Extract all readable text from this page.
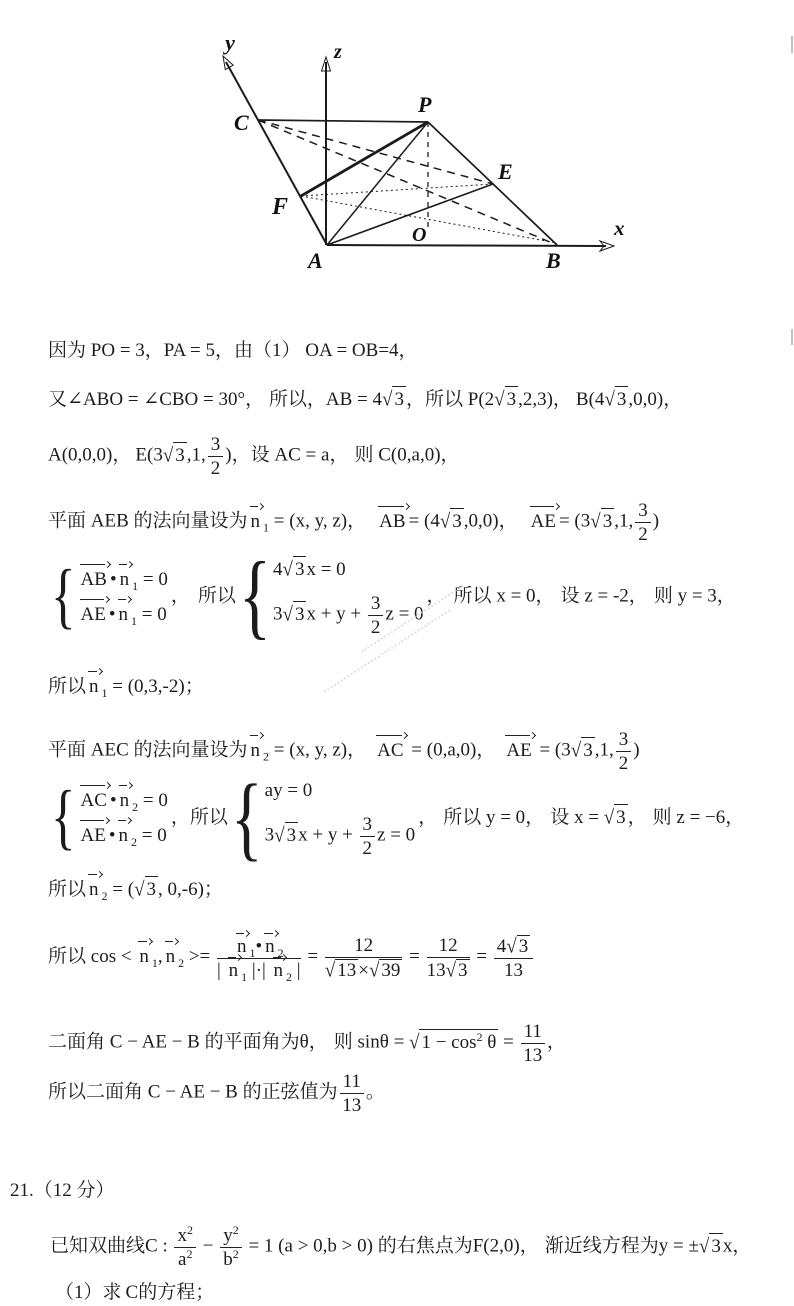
y	z
C
P
E
F
O	x
A	B
因为 PO = 3，PA = 5，由（1） OA = OB=4，
又∠ABO = ∠CBO = 30°， 所以，AB = 4√ 3 ，所以 P(2√ 3 ,2,3)， B(4√ 3 ,0,0)，
A(0,0,0)， E(3√ 3 ,1, $\frac{3}{2}$ )，设 AC = a， 则 C(0,a,0)，
平面 AEB 的法向量设为 n $_1$ = (x, y, z)， AB = (4√ 3 ,0,0)， AE = (3√ 3 ,1, $\frac{3}{2}$ )
{ AB • n $_1$ = 0
AE • n $_1$ = 0
， 所以 { 4√ 3 x = 0
3√ 3 $x + y + \frac{3}{2}$ z = 0
， 所以 x = 0， 设 z = -2， 则 y = 3，
所以 n $_1$ = (0,3,-2)；
平面 AEC 的法向量设为 n $_2$ = (x, y, z)， AC = (0,a,0)， AE = (3√ 3 ,1, $\frac{3}{2}$ )
{ AC • n $_2$ = 0
AE • n $_2$ = 0
，所以 { ay = 0
3√ 3 $x + y + \frac{3}{2}$ z = 0
， 所以 y = 0， 设 x = √ 3 ， 则 z = −6，
所以 n $_2$ = (√ 3 , 0,-6)；
所以 cos < n $_1$, n $_2 >= \frac{n _1• n _2}{| n _1 |\cdot| n _2 |} = \frac{12}{√ 13 \times√ 39} = \frac{12}{13√ 3} = \frac{4√ 3}{13}$
二面角 C − AE − B 的平面角为θ， 则 sinθ = √ $1 - \cos^2 \theta = \frac{11}{13}$ ，
所以二面角 C − AE − B 的正弦值为 $\frac{11}{13}$ 。
21.（12 分）
已知双曲线C : $\frac{x^2}{a^2} - \frac{y^2}{b^2} = 1$ (a > 0,b > 0) 的右焦点为F(2,0)， 渐近线方程为y = ±√ 3 x，
（1）求 C的方程；
